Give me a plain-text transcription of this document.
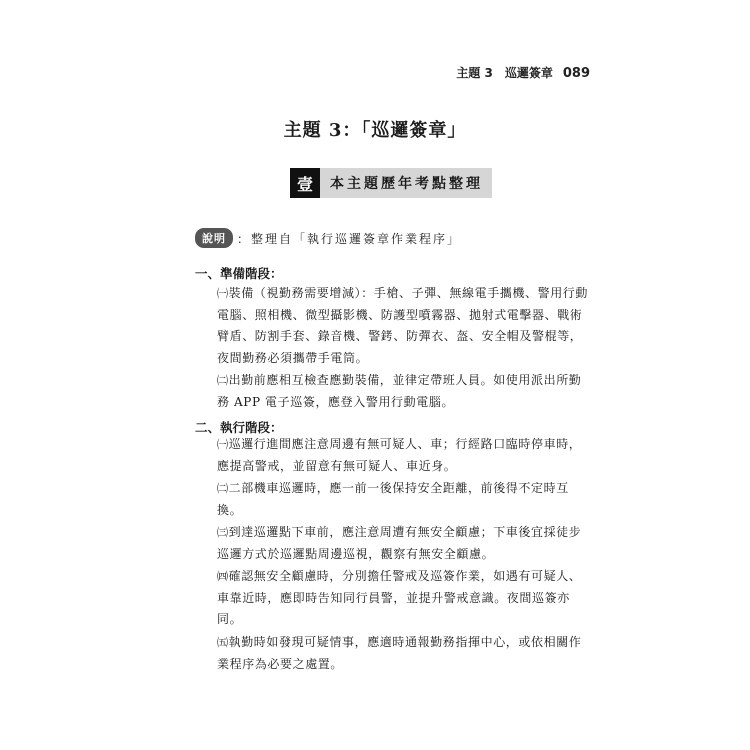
主題 3　巡邏簽章 089
主題 3：「巡邏簽章」
壹	本主題歷年考點整理
說明 ：整理自「執行巡邏簽章作業程序」
一、準備階段：
㈠裝備（視勤務需要增減）：手槍、子彈、無線電手攜機、警用行動電腦、照相機、微型攝影機、防護型噴霧器、拋射式電擊器、戰術臂盾、防割手套、錄音機、警銬、防彈衣、盔、安全帽及警棍等，夜間勤務必須攜帶手電筒。
㈡出勤前應相互檢查應勤裝備，並律定帶班人員。如使用派出所勤務 APP 電子巡簽，應登入警用行動電腦。
二、執行階段：
㈠巡邏行進間應注意周邊有無可疑人、車；行經路口臨時停車時，應提高警戒，並留意有無可疑人、車近身。
㈡二部機車巡邏時，應一前一後保持安全距離，前後得不定時互換。
㈢到達巡邏點下車前，應注意周遭有無安全顧慮；下車後宜採徒步巡邏方式於巡邏點周邊巡視，觀察有無安全顧慮。
㈣確認無安全顧慮時，分別擔任警戒及巡簽作業，如遇有可疑人、車靠近時，應即時告知同行員警，並提升警戒意識。夜間巡簽亦同。
㈤執勤時如發現可疑情事，應適時通報勤務指揮中心，或依相關作業程序為必要之處置。
